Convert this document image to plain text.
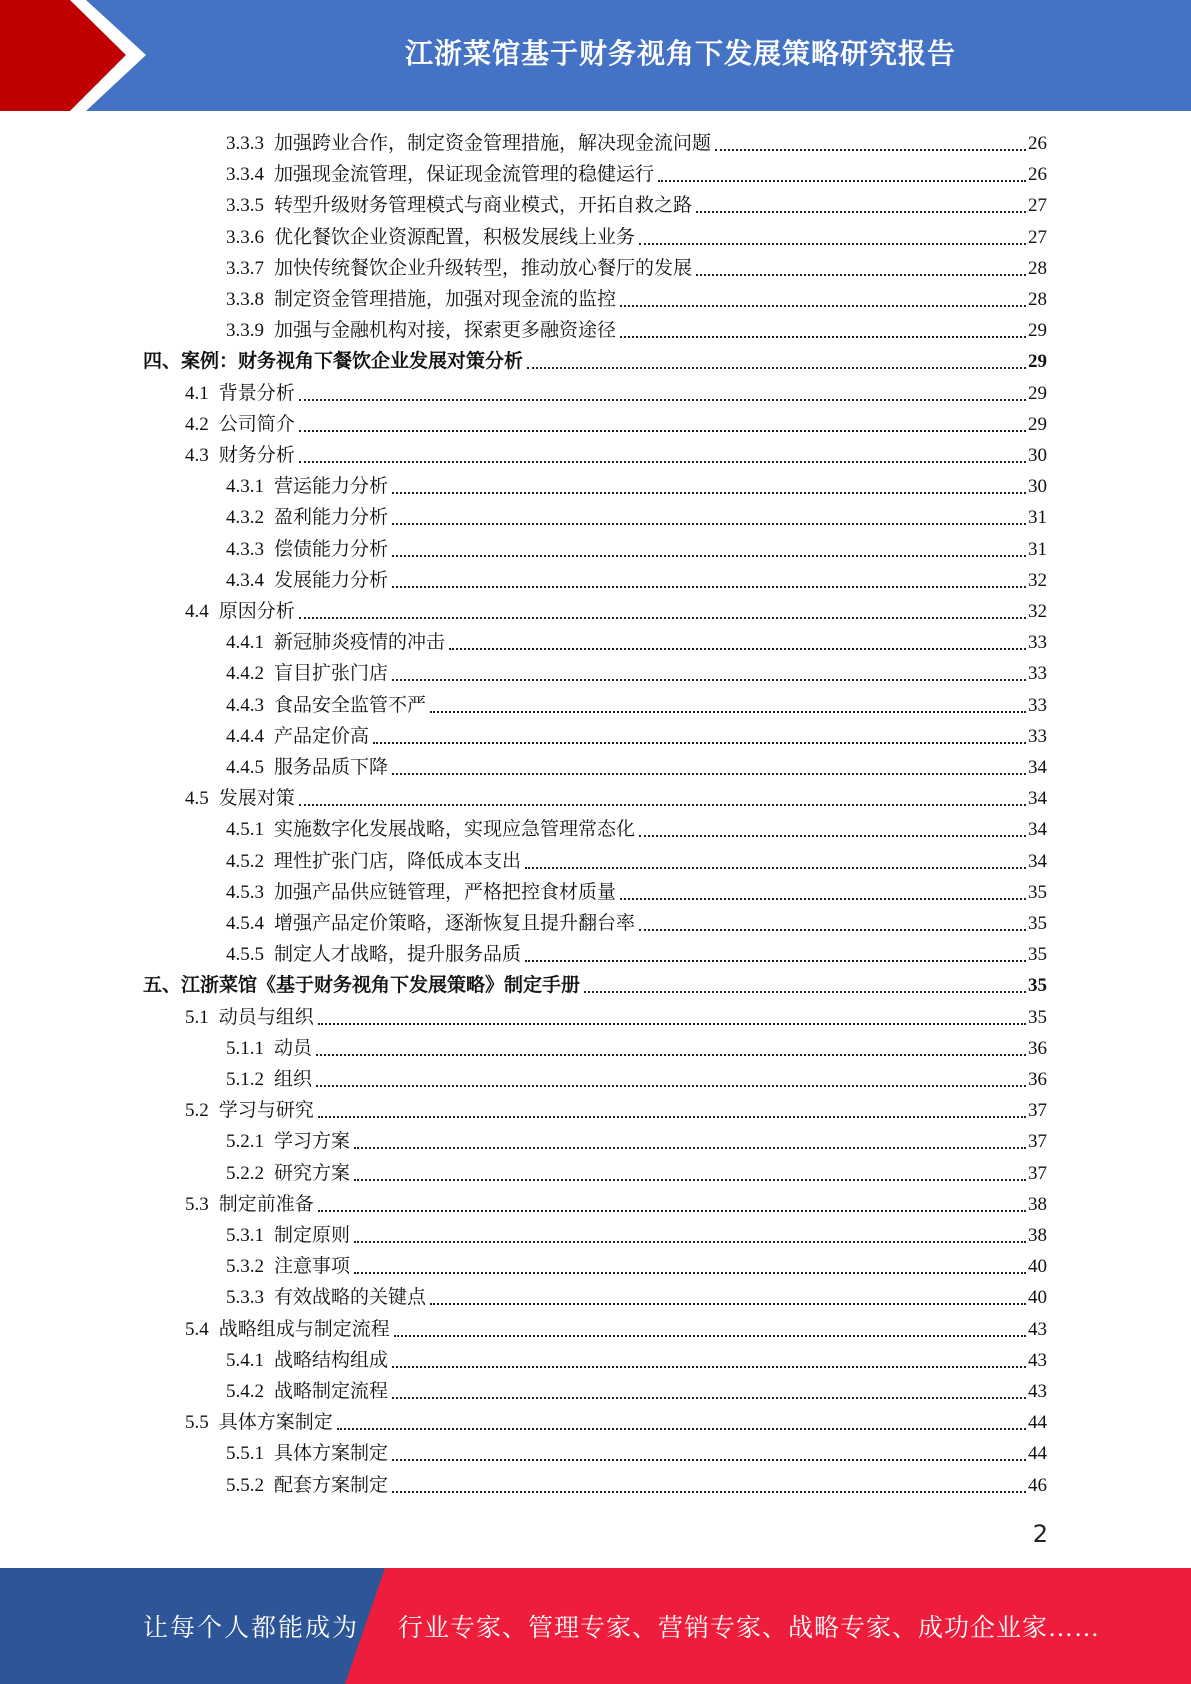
江浙菜馆基于财务视角下发展策略研究报告
3.3.3 加强跨业合作，制定资金管理措施，解决现金流问题	26
3.3.4 加强现金流管理，保证现金流管理的稳健运行	26
3.3.5 转型升级财务管理模式与商业模式，开拓自救之路	27
3.3.6 优化餐饮企业资源配置，积极发展线上业务	27
3.3.7 加快传统餐饮企业升级转型，推动放心餐厅的发展	28
3.3.8 制定资金管理措施，加强对现金流的监控	28
3.3.9 加强与金融机构对接，探索更多融资途径	29
四、 案例：财务视角下餐饮企业发展对策分析	29
4.1 背景分析	29
4.2 公司简介	29
4.3 财务分析	30
4.3.1 营运能力分析	30
4.3.2 盈利能力分析	31
4.3.3 偿债能力分析	31
4.3.4 发展能力分析	32
4.4 原因分析	32
4.4.1 新冠肺炎疫情的冲击	33
4.4.2 盲目扩张门店	33
4.4.3 食品安全监管不严	33
4.4.4 产品定价高	33
4.4.5 服务品质下降	34
4.5 发展对策	34
4.5.1 实施数字化发展战略，实现应急管理常态化	34
4.5.2 理性扩张门店，降低成本支出	34
4.5.3 加强产品供应链管理，严格把控食材质量	35
4.5.4 增强产品定价策略，逐渐恢复且提升翻台率	35
4.5.5 制定人才战略，提升服务品质	35
五、 江浙菜馆《基于财务视角下发展策略》制定手册	35
5.1 动员与组织	35
5.1.1 动员	36
5.1.2 组织	36
5.2 学习与研究	37
5.2.1 学习方案	37
5.2.2 研究方案	37
5.3 制定前准备	38
5.3.1 制定原则	38
5.3.2 注意事项	40
5.3.3 有效战略的关键点	40
5.4 战略组成与制定流程	43
5.4.1 战略结构组成	43
5.4.2 战略制定流程	43
5.5 具体方案制定	44
5.5.1 具体方案制定	44
5.5.2 配套方案制定	46
2
让每个人都能成为 行业专家、管理专家、营销专家、战略专家、成功企业家……
